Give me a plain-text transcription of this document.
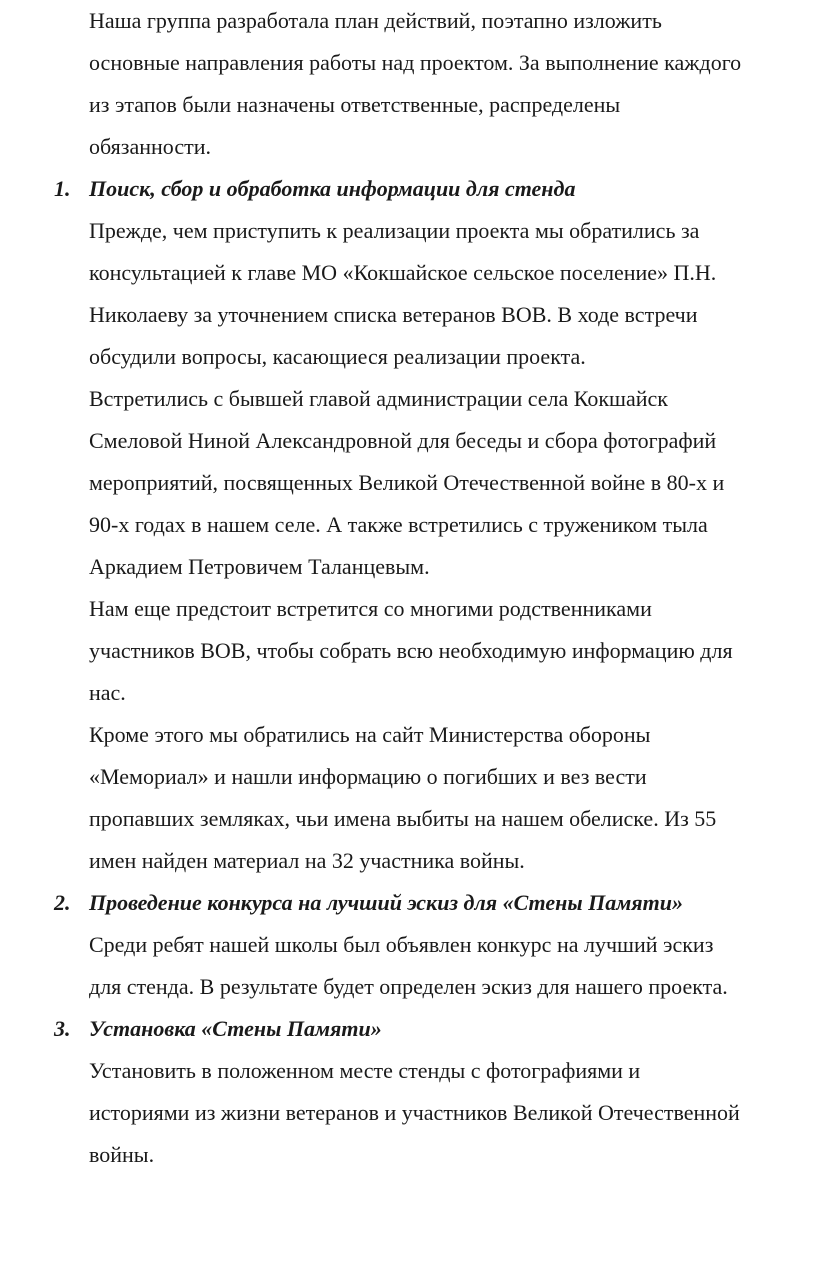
Наша группа разработала план действий, поэтапно изложить
основные направления работы над проектом. За выполнение каждого
из этапов были назначены ответственные, распределены
обязанности.

1. Поиск, сбор и обработка информации для стенда

Прежде, чем приступить к реализации проекта мы обратились за
консультацией к главе МО «Кокшайское сельское поселение» П.Н.
Николаеву за уточнением списка ветеранов ВОВ. В ходе встречи
обсудили вопросы, касающиеся реализации проекта.

Встретились с бывшей главой администрации села Кокшайск
Смеловой Ниной Александровной для беседы и сбора фотографий
мероприятий, посвященных Великой Отечественной войне в 80-х и
90-х годах в нашем селе. А также встретились с тружеником тыла
Аркадием Петровичем Таланцевым.

Нам еще предстоит встретится со многими родственниками
участников ВОВ, чтобы собрать всю необходимую информацию для
нас.

Кроме этого мы обратились на сайт Министерства обороны
«Мемориал» и нашли информацию о погибших и вез вести
пропавших земляках, чьи имена выбиты на нашем обелиске. Из 55
имен найден материал на 32 участника войны.

2. Проведение конкурса на лучший эскиз для «Стены Памяти»

Среди ребят нашей школы был объявлен конкурс на лучший эскиз
для стенда. В результате будет определен эскиз для нашего проекта.

3. Установка «Стены Памяти»

Установить в положенном месте стенды с фотографиями и
историями из жизни ветеранов и участников Великой Отечественной
войны.
